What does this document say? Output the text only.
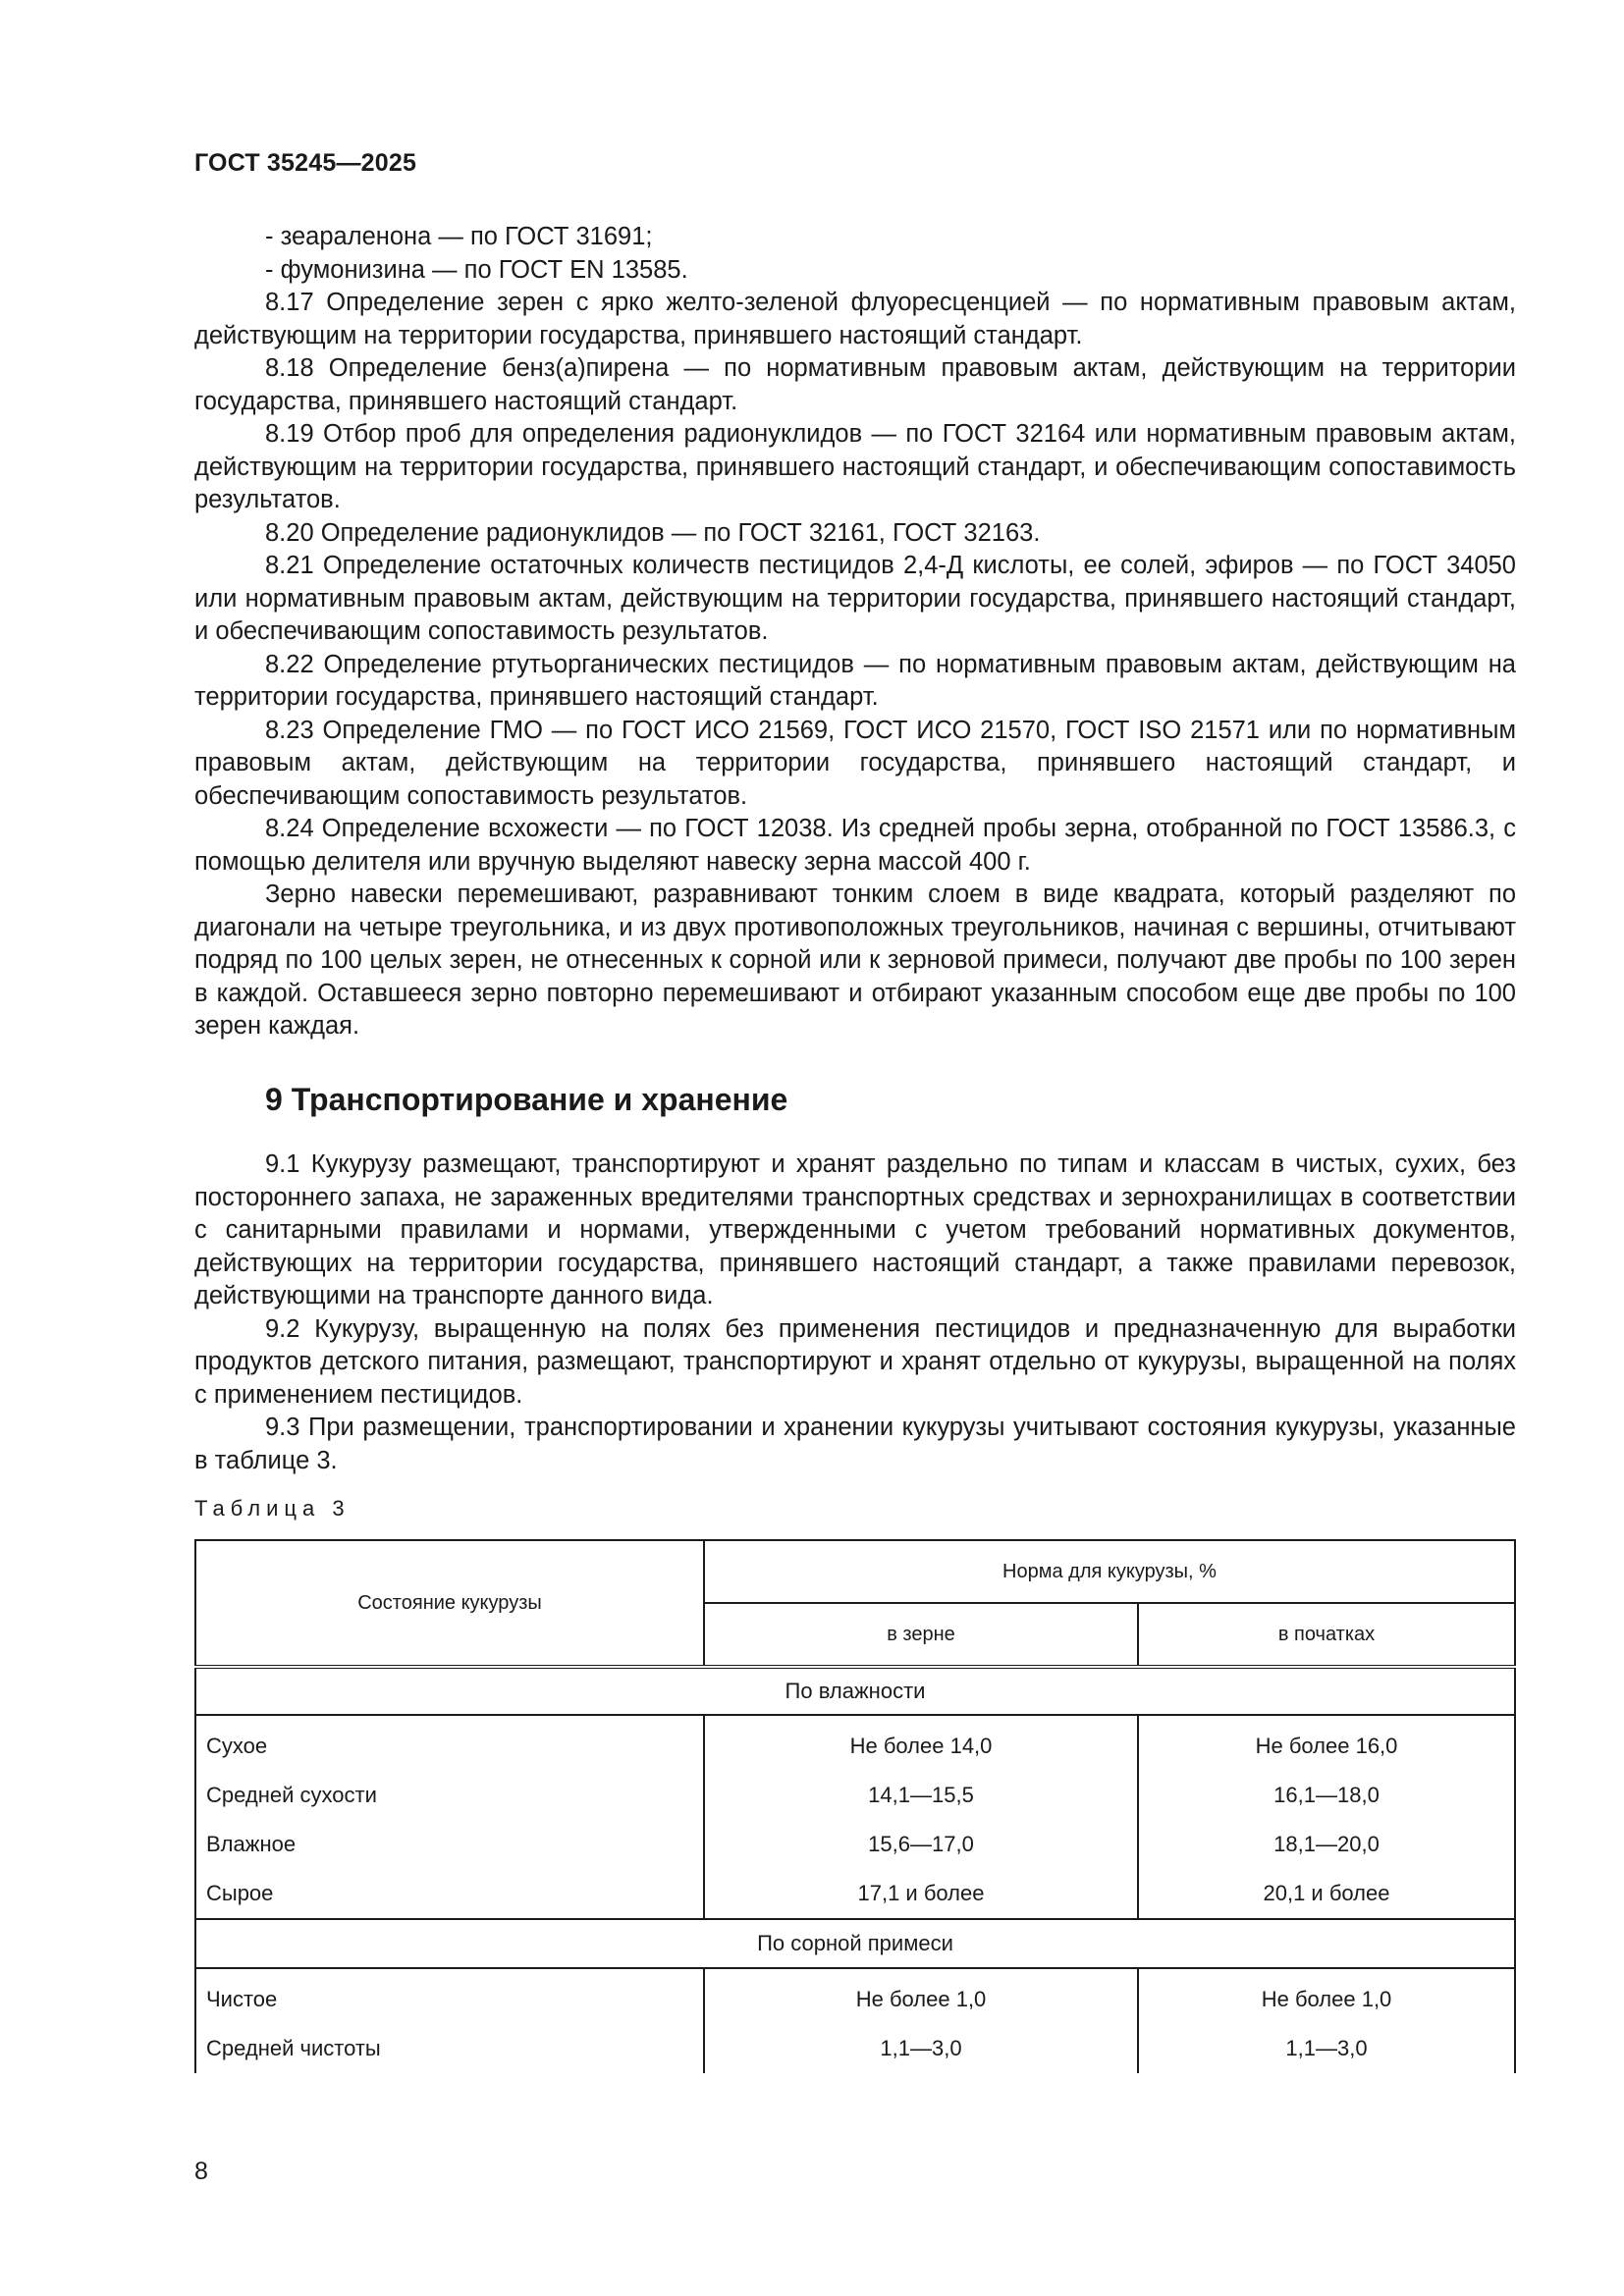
ГОСТ 35245—2025

- зеараленона — по ГОСТ 31691;

- фумонизина — по ГОСТ EN 13585.

8.17 Определение зерен с ярко желто-зеленой флуоресценцией — по нормативным правовым актам, действующим на территории государства, принявшего настоящий стандарт.

8.18 Определение бенз(а)пирена — по нормативным правовым актам, действующим на территории государства, принявшего настоящий стандарт.

8.19 Отбор проб для определения радионуклидов — по ГОСТ 32164 или нормативным правовым актам, действующим на территории государства, принявшего настоящий стандарт, и обеспечивающим сопоставимость результатов.

8.20 Определение радионуклидов — по ГОСТ 32161, ГОСТ 32163.

8.21 Определение остаточных количеств пестицидов 2,4-Д кислоты, ее солей, эфиров — по ГОСТ 34050 или нормативным правовым актам, действующим на территории государства, принявшего настоящий стандарт, и обеспечивающим сопоставимость результатов.

8.22 Определение ртутьорганических пестицидов — по нормативным правовым актам, действующим на территории государства, принявшего настоящий стандарт.

8.23 Определение ГМО — по ГОСТ ИСО 21569, ГОСТ ИСО 21570, ГОСТ ISO 21571 или по нормативным правовым актам, действующим на территории государства, принявшего настоящий стандарт, и обеспечивающим сопоставимость результатов.

8.24 Определение всхожести — по ГОСТ 12038. Из средней пробы зерна, отобранной по ГОСТ 13586.3, с помощью делителя или вручную выделяют навеску зерна массой 400 г.

Зерно навески перемешивают, разравнивают тонким слоем в виде квадрата, который разделяют по диагонали на четыре треугольника, и из двух противоположных треугольников, начиная с вершины, отчитывают подряд по 100 целых зерен, не отнесенных к сорной или к зерновой примеси, получают две пробы по 100 зерен в каждой. Оставшееся зерно повторно перемешивают и отбирают указанным способом еще две пробы по 100 зерен каждая.

9 Транспортирование и хранение

9.1 Кукурузу размещают, транспортируют и хранят раздельно по типам и классам в чистых, сухих, без постороннего запаха, не зараженных вредителями транспортных средствах и зернохранилищах в соответствии с санитарными правилами и нормами, утвержденными с учетом требований нормативных документов, действующих на территории государства, принявшего настоящий стандарт, а также правилами перевозок, действующими на транспорте данного вида.

9.2 Кукурузу, выращенную на полях без применения пестицидов и предназначенную для выработки продуктов детского питания, размещают, транспортируют и хранят отдельно от кукурузы, выращенной на полях с применением пестицидов.

9.3 При размещении, транспортировании и хранении кукурузы учитывают состояния кукурузы, указанные в таблице 3.

Таблица 3
Состояние кукурузы	Норма для кукурузы, %	
	в зерне	в початках
По влажности		
Сухое	Не более 14,0	Не более 16,0
Средней сухости	14,1—15,5	16,1—18,0
Влажное	15,6—17,0	18,1—20,0
Сырое	17,1 и более	20,1 и более
По сорной примеси		
Чистое	Не более 1,0	Не более 1,0
Средней чистоты	1,1—3,0	1,1—3,0
8
